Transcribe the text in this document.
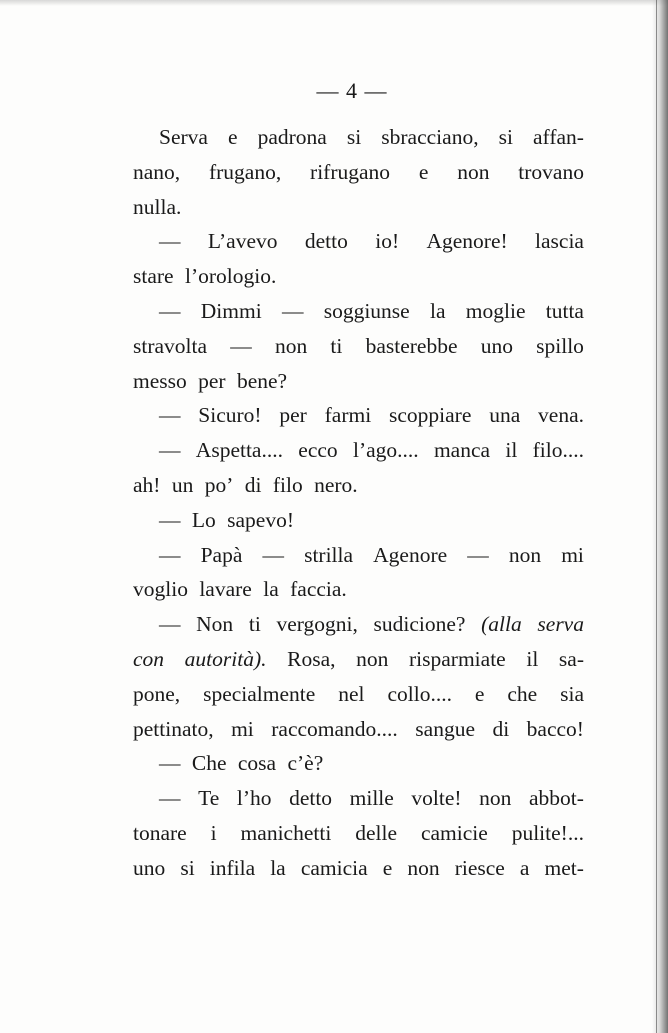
— 4 —
Serva e padrona si sbracciano, si affan-
nano, frugano, rifrugano e non trovano
nulla.
— L’avevo detto io! Agenore! lascia
stare l’orologio.
— Dimmi — soggiunse la moglie tutta
stravolta — non ti basterebbe uno spillo
messo per bene?
— Sicuro! per farmi scoppiare una vena.
— Aspetta.... ecco l’ago.... manca il filo....
ah! un po’ di filo nero.
— Lo sapevo!
— Papà — strilla Agenore — non mi
voglio lavare la faccia.
— Non ti vergogni, sudicione? (alla serva
con autorità). Rosa, non risparmiate il sa-
pone, specialmente nel collo.... e che sia
pettinato, mi raccomando.... sangue di bacco!
— Che cosa c’è?
— Te l’ho detto mille volte! non abbot-
tonare i manichetti delle camicie pulite!...
uno si infila la camicia e non riesce a met-
